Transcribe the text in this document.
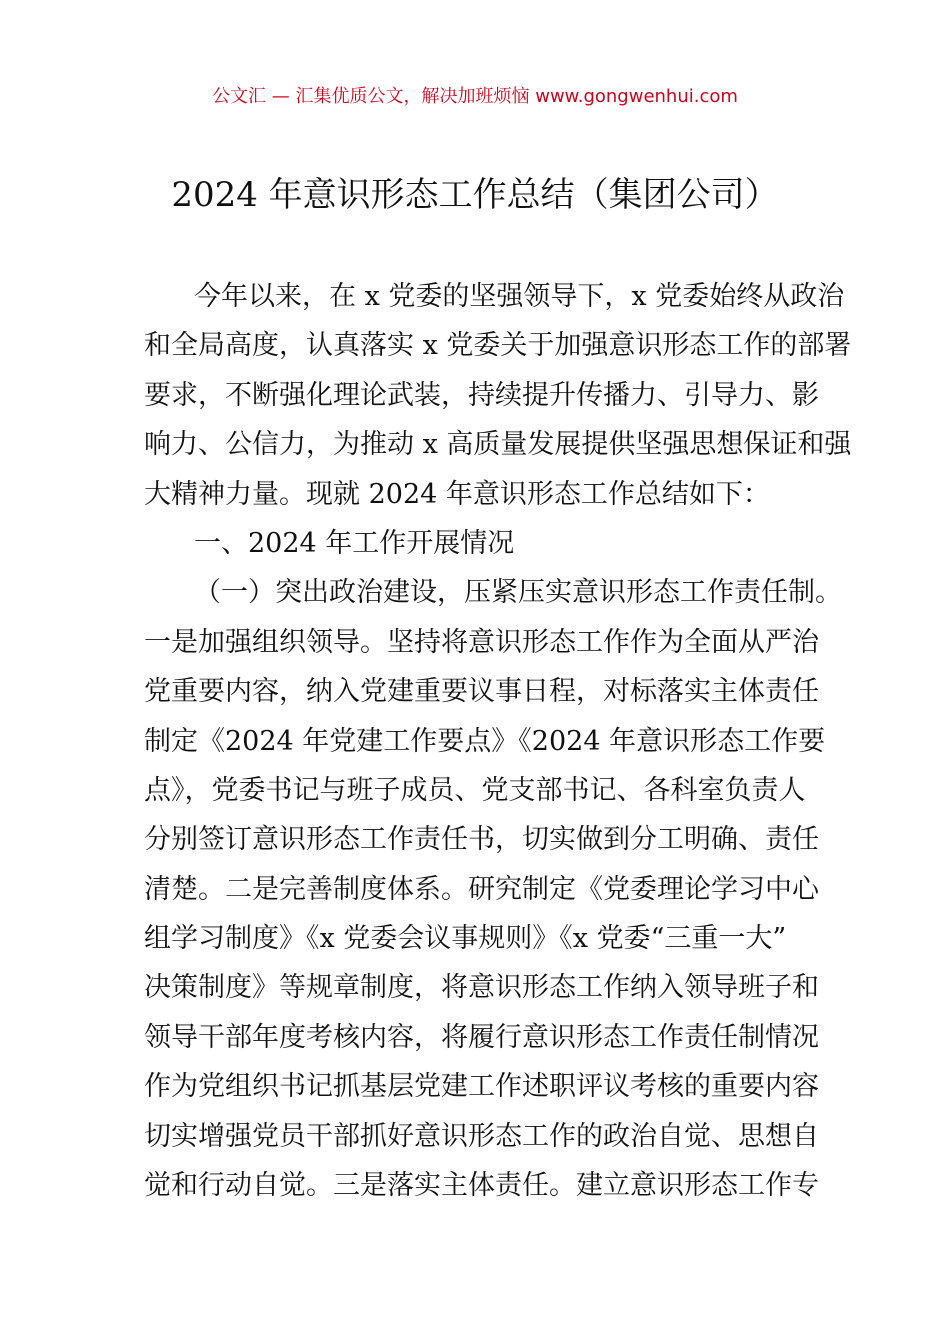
公文汇 — 汇集优质公文，解决加班烦恼 www.gongwenhui.com
2024 年意识形态工作总结（集团公司）
今年以来，在 x 党委的坚强领导下，x 党委始终从政治
和全局高度，认真落实 x 党委关于加强意识形态工作的部署
要求，不断强化理论武装，持续提升传播力、引导力、影
响力、公信力，为推动 x 高质量发展提供坚强思想保证和强
大精神力量。现就 2024 年意识形态工作总结如下：
一、2024 年工作开展情况
（一）突出政治建设，压紧压实意识形态工作责任制。
一是加强组织领导。坚持将意识形态工作作为全面从严治
党重要内容，纳入党建重要议事日程，对标落实主体责任
制定《2024 年党建工作要点》《2024 年意识形态工作要
点》，党委书记与班子成员、党支部书记、各科室负责人
分别签订意识形态工作责任书，切实做到分工明确、责任
清楚。二是完善制度体系。研究制定《党委理论学习中心
组学习制度》《x 党委会议事规则》《x 党委“三重一大”
决策制度》等规章制度，将意识形态工作纳入领导班子和
领导干部年度考核内容，将履行意识形态工作责任制情况
作为党组织书记抓基层党建工作述职评议考核的重要内容
切实增强党员干部抓好意识形态工作的政治自觉、思想自
觉和行动自觉。三是落实主体责任。建立意识形态工作专
